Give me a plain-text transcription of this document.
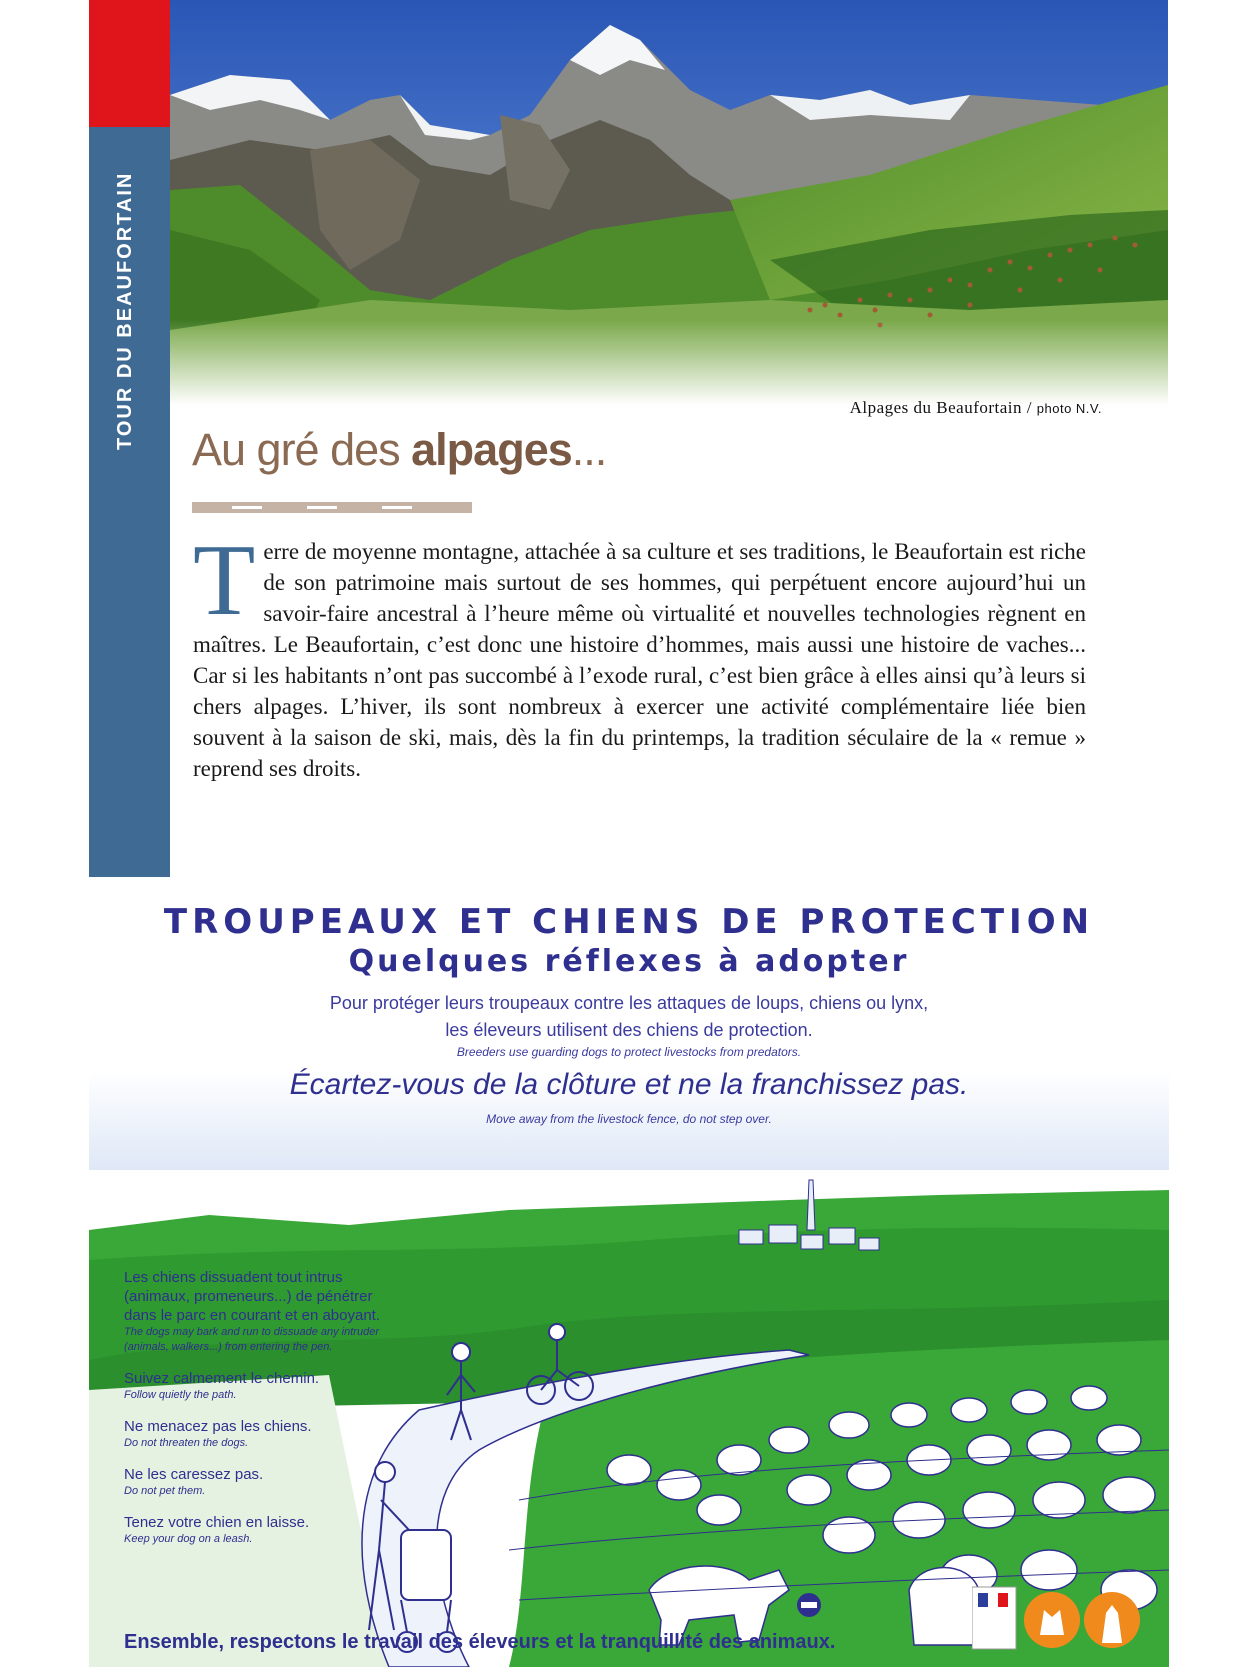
TOUR DU BEAUFORTAIN	Alpages du Beaufortain / photo N.V.
Au gré des alpages...
Terre de moyenne montagne, attachée à sa culture et ses traditions, le Beaufortain est riche de son patrimoine mais surtout de ses hommes, qui perpétuent encore aujourd’hui un savoir-faire ancestral à l’heure même où virtualité et nouvelles technologies règnent en maîtres. Le Beaufortain, c’est donc une histoire d’hommes, mais aussi une histoire de vaches... Car si les habitants n’ont pas succombé à l’exode rural, c’est bien grâce à elles ainsi qu’à leurs si chers alpages. L’hiver, ils sont nombreux à exercer une activité complémentaire liée bien souvent à la saison de ski, mais, dès la fin du printemps, la tradition séculaire de la « remue » reprend ses droits.
TROUPEAUX ET CHIENS DE PROTECTION
Quelques réflexes à adopter
Pour protéger leurs troupeaux contre les attaques de loups, chiens ou lynx,
les éleveurs utilisent des chiens de protection.
Breeders use guarding dogs to protect livestocks from predators.
Écartez-vous de la clôture et ne la franchissez pas.
Move away from the livestock fence, do not step over.
Les chiens dissuadent tout intrus (animaux, promeneurs...) de pénétrer dans le parc en courant et en aboyant.
The dogs may bark and run to dissuade any intruder (animals, walkers...) from entering the pen.
Suivez calmement le chemin.
Follow quietly the path.
Ne menacez pas les chiens.
Do not threaten the dogs.
Ne les caressez pas.
Do not pet them.
Tenez votre chien en laisse.
Keep your dog on a leash.
Ensemble, respectons le travail des éleveurs et la tranquillité des animaux.
